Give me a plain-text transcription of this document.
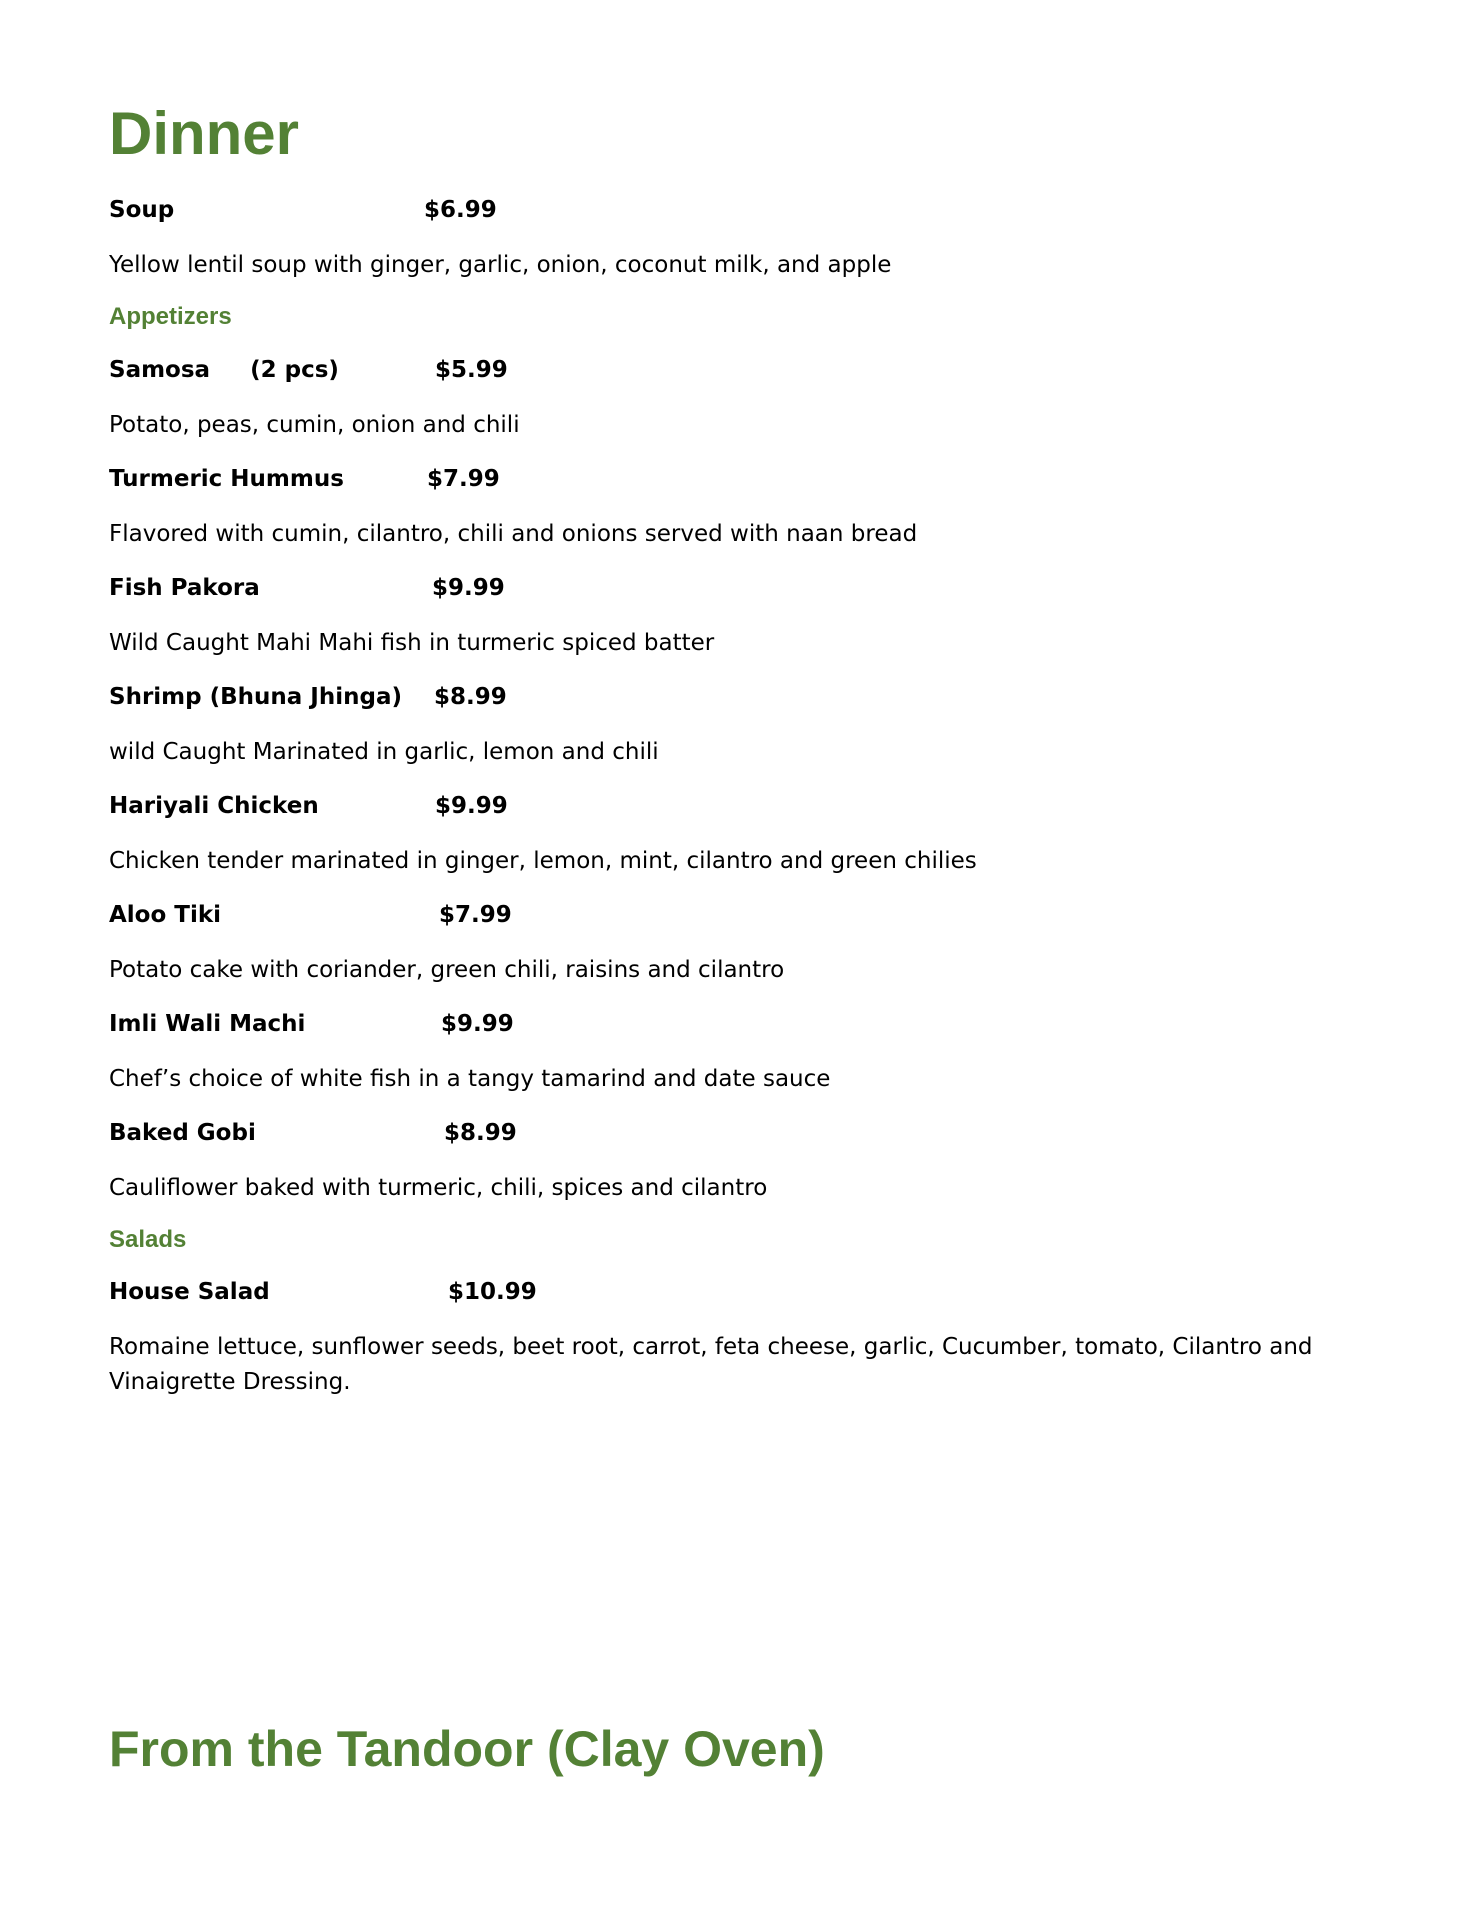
Dinner

Soup	$6.99

Yellow lentil soup with ginger, garlic, onion, coconut milk, and apple

Appetizers

Samosa     (2 pcs)	$5.99

Potato, peas, cumin, onion and chili

Turmeric Hummus	$7.99

Flavored with cumin, cilantro, chili and onions served with naan bread

Fish Pakora	$9.99

Wild Caught Mahi Mahi fish in turmeric spiced batter

Shrimp (Bhuna Jhinga) $8.99

wild Caught Marinated in garlic, lemon and chili

Hariyali Chicken	$9.99

Chicken tender marinated in ginger, lemon, mint, cilantro and green chilies

Aloo Tiki	$7.99

Potato cake with coriander, green chili, raisins and cilantro

Imli Wali Machi	$9.99

Chef’s choice of white fish in a tangy tamarind and date sauce

Baked Gobi	$8.99

Cauliflower baked with turmeric, chili, spices and cilantro

Salads

House Salad	$10.99

Romaine lettuce, sunflower seeds, beet root, carrot, feta cheese, garlic, Cucumber, tomato, Cilantro and Vinaigrette Dressing.

From the Tandoor (Clay Oven)
